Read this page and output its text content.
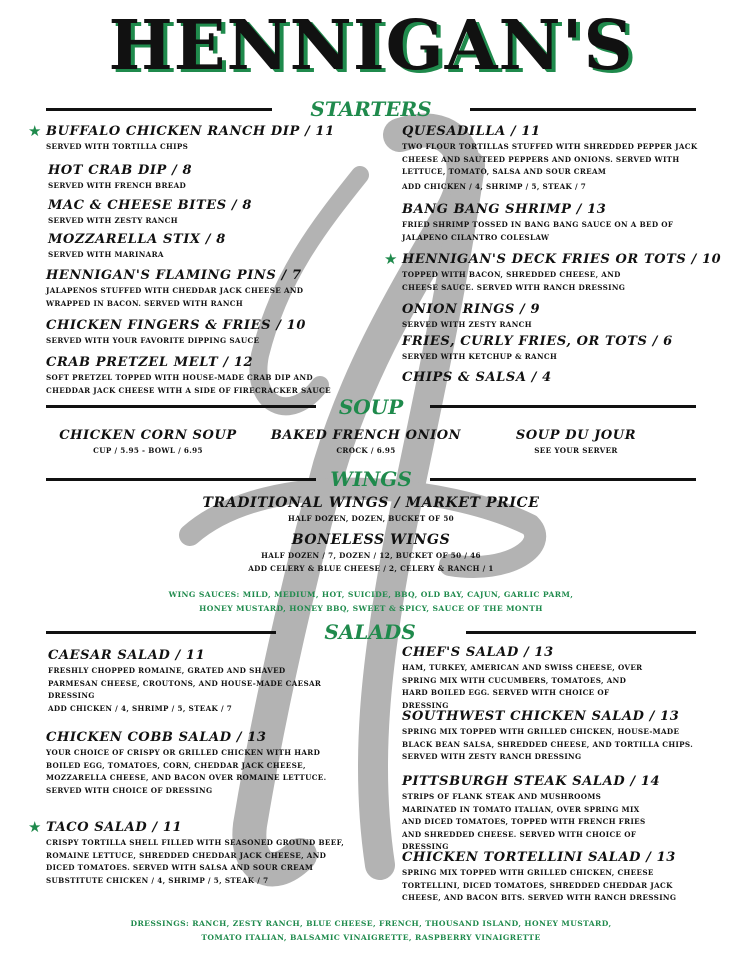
HENNIGAN'S
STARTERS
★ BUFFALO CHICKEN RANCH DIP / 11
SERVED WITH TORTILLA CHIPS
HOT CRAB DIP / 8
SERVED WITH FRENCH BREAD
MAC & CHEESE BITES / 8
SERVED WITH ZESTY RANCH
MOZZARELLA STIX / 8
SERVED WITH MARINARA
HENNIGAN'S FLAMING PINS / 7
JALAPENOS STUFFED WITH CHEDDAR JACK CHEESE AND WRAPPED IN BACON. SERVED WITH RANCH
CHICKEN FINGERS & FRIES / 10
SERVED WITH YOUR FAVORITE DIPPING SAUCE
CRAB PRETZEL MELT / 12
SOFT PRETZEL TOPPED WITH HOUSE-MADE CRAB DIP AND CHEDDAR JACK CHEESE WITH A SIDE OF FIRECRACKER SAUCE
QUESADILLA / 11
TWO FLOUR TORTILLAS STUFFED WITH SHREDDED PEPPER JACK CHEESE AND SAUTEED PEPPERS AND ONIONS. SERVED WITH LETTUCE, TOMATO, SALSA AND SOUR CREAM
ADD CHICKEN / 4, SHRIMP / 5, STEAK / 7
BANG BANG SHRIMP / 13
FRIED SHRIMP TOSSED IN BANG BANG SAUCE ON A BED OF JALAPENO CILANTRO COLESLAW
★ HENNIGAN'S DECK FRIES OR TOTS / 10
TOPPED WITH BACON, SHREDDED CHEESE, AND CHEESE SAUCE. SERVED WITH RANCH DRESSING
ONION RINGS / 9
SERVED WITH ZESTY RANCH
FRIES, CURLY FRIES, OR TOTS / 6
SERVED WITH KETCHUP & RANCH
CHIPS & SALSA / 4
SOUP
CHICKEN CORN SOUP
CUP / 5.95 - BOWL / 6.95
BAKED FRENCH ONION
CROCK / 6.95
SOUP DU JOUR
SEE YOUR SERVER
WINGS
TRADITIONAL WINGS / MARKET PRICE
HALF DOZEN, DOZEN, BUCKET OF 50
BONELESS WINGS
HALF DOZEN / 7, DOZEN / 12, BUCKET OF 50 / 46
ADD CELERY & BLUE CHEESE / 2, CELERY & RANCH / 1
WING SAUCES: MILD, MEDIUM, HOT, SUICIDE, BBQ, OLD BAY, CAJUN, GARLIC PARM,
HONEY MUSTARD, HONEY BBQ, SWEET & SPICY, SAUCE OF THE MONTH
SALADS
CAESAR SALAD / 11
FRESHLY CHOPPED ROMAINE, GRATED AND SHAVED PARMESAN CHEESE, CROUTONS, AND HOUSE-MADE CAESAR DRESSING
ADD CHICKEN / 4, SHRIMP / 5, STEAK / 7
CHICKEN COBB SALAD / 13
YOUR CHOICE OF CRISPY OR GRILLED CHICKEN WITH HARD BOILED EGG, TOMATOES, CORN, CHEDDAR JACK CHEESE, MOZZARELLA CHEESE, AND BACON OVER ROMAINE LETTUCE. SERVED WITH CHOICE OF DRESSING
★ TACO SALAD / 11
CRISPY TORTILLA SHELL FILLED WITH SEASONED GROUND BEEF, ROMAINE LETTUCE, SHREDDED CHEDDAR JACK CHEESE, AND DICED TOMATOES. SERVED WITH SALSA AND SOUR CREAM
SUBSTITUTE CHICKEN / 4, SHRIMP / 5, STEAK / 7
CHEF'S SALAD / 13
HAM, TURKEY, AMERICAN AND SWISS CHEESE, OVER SPRING MIX WITH CUCUMBERS, TOMATOES, AND HARD BOILED EGG. SERVED WITH CHOICE OF DRESSING
SOUTHWEST CHICKEN SALAD / 13
SPRING MIX TOPPED WITH GRILLED CHICKEN, HOUSE-MADE BLACK BEAN SALSA, SHREDDED CHEESE, AND TORTILLA CHIPS. SERVED WITH ZESTY RANCH DRESSING
PITTSBURGH STEAK SALAD / 14
STRIPS OF FLANK STEAK AND MUSHROOMS MARINATED IN TOMATO ITALIAN, OVER SPRING MIX AND DICED TOMATOES, TOPPED WITH FRENCH FRIES AND SHREDDED CHEESE. SERVED WITH CHOICE OF DRESSING
CHICKEN TORTELLINI SALAD / 13
SPRING MIX TOPPED WITH GRILLED CHICKEN, CHEESE TORTELLINI, DICED TOMATOES, SHREDDED CHEDDAR JACK CHEESE, AND BACON BITS. SERVED WITH RANCH DRESSING
DRESSINGS: RANCH, ZESTY RANCH, BLUE CHEESE, FRENCH, THOUSAND ISLAND, HONEY MUSTARD,
TOMATO ITALIAN, BALSAMIC VINAIGRETTE, RASPBERRY VINAIGRETTE
